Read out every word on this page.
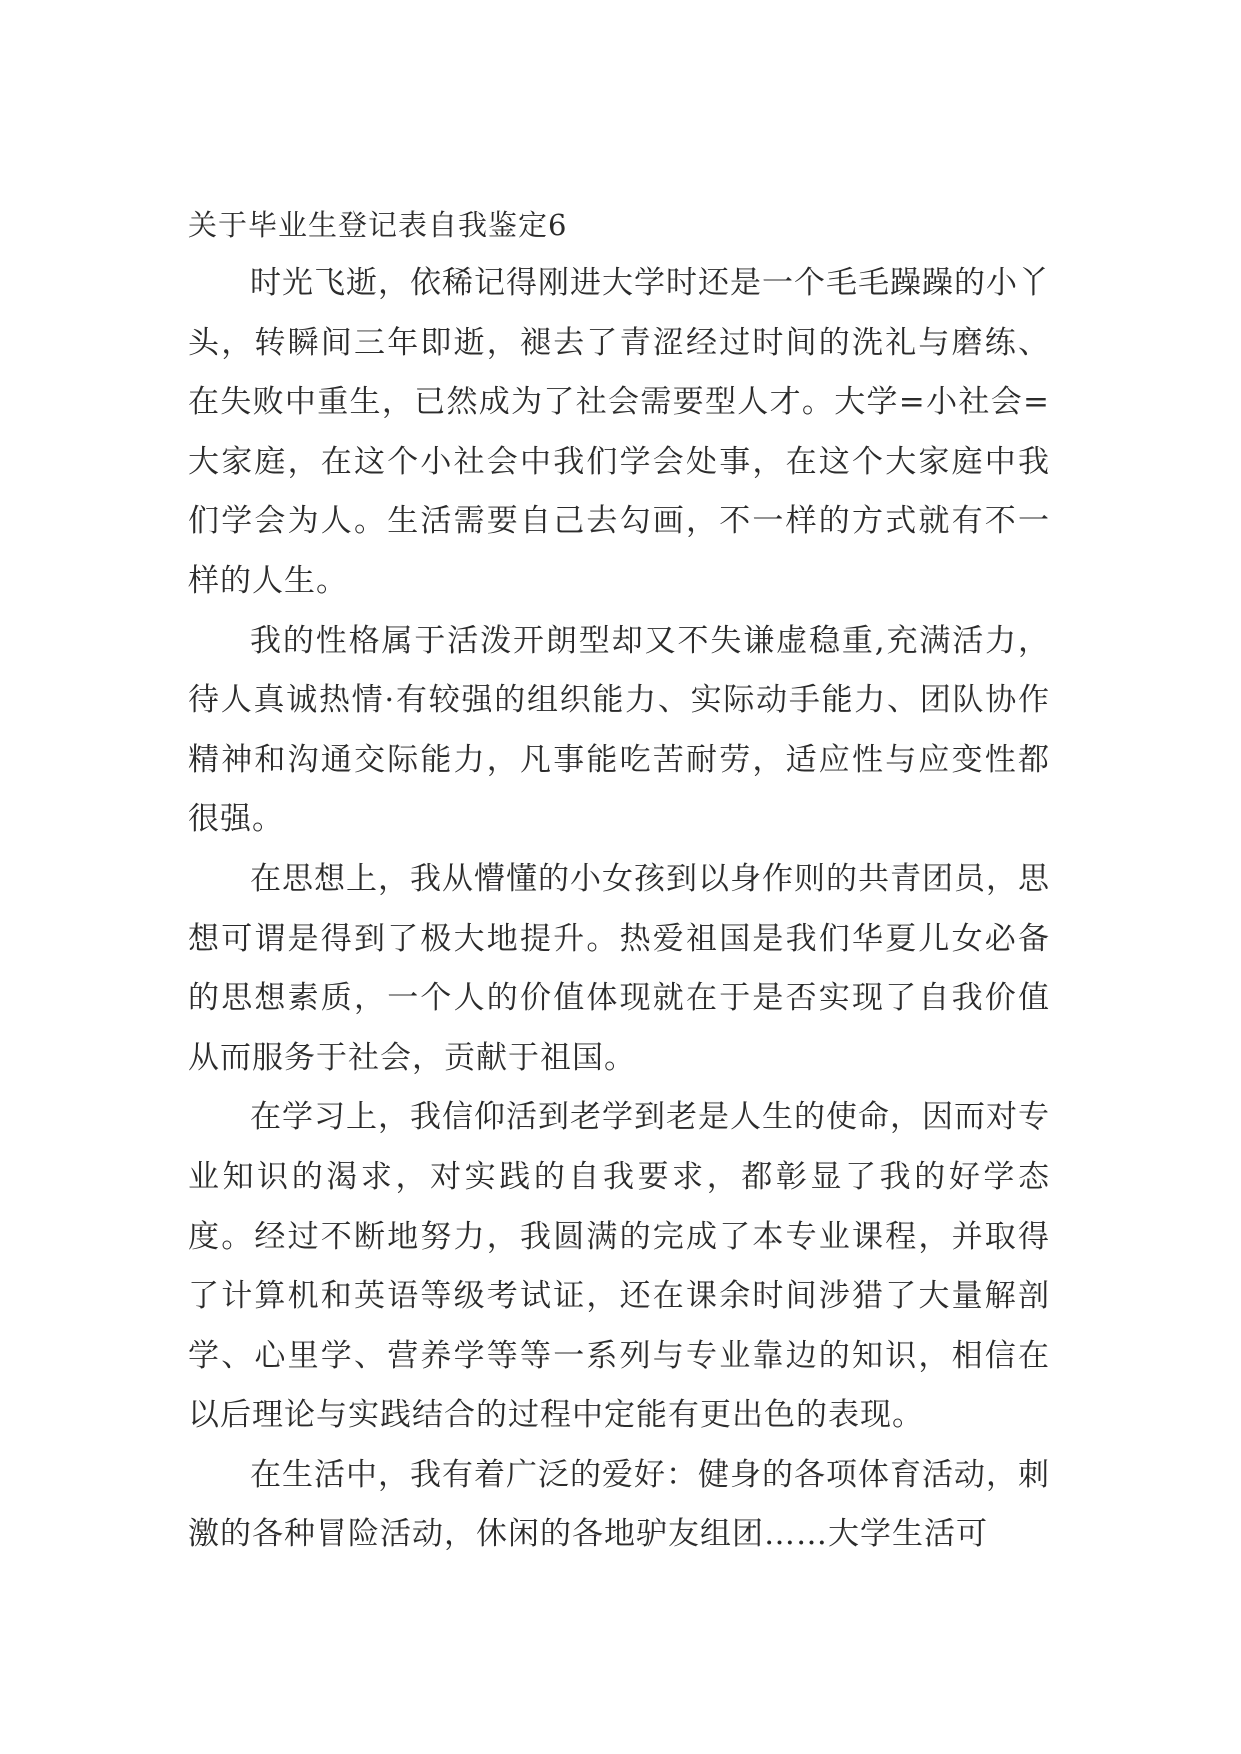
关于毕业生登记表自我鉴定6

时光飞逝，依稀记得刚进大学时还是一个毛毛躁躁的小丫头，转瞬间三年即逝，褪去了青涩经过时间的洗礼与磨练、在失败中重生，已然成为了社会需要型人才。大学=小社会=大家庭，在这个小社会中我们学会处事，在这个大家庭中我们学会为人。生活需要自己去勾画，不一样的方式就有不一样的人生。

我的性格属于活泼开朗型却又不失谦虚稳重,充满活力，待人真诚热情·有较强的组织能力、实际动手能力、团队协作精神和沟通交际能力，凡事能吃苦耐劳，适应性与应变性都很强。

在思想上，我从懵懂的小女孩到以身作则的共青团员，思想可谓是得到了极大地提升。热爱祖国是我们华夏儿女必备的思想素质，一个人的价值体现就在于是否实现了自我价值从而服务于社会，贡献于祖国。

在学习上，我信仰活到老学到老是人生的使命，因而对专业知识的渴求，对实践的自我要求，都彰显了我的好学态度。经过不断地努力，我圆满的完成了本专业课程，并取得了计算机和英语等级考试证，还在课余时间涉猎了大量解剖学、心里学、营养学等等一系列与专业靠边的知识，相信在以后理论与实践结合的过程中定能有更出色的表现。

在生活中，我有着广泛的爱好：健身的各项体育活动，刺激的各种冒险活动，休闲的各地驴友组团……大学生活可
